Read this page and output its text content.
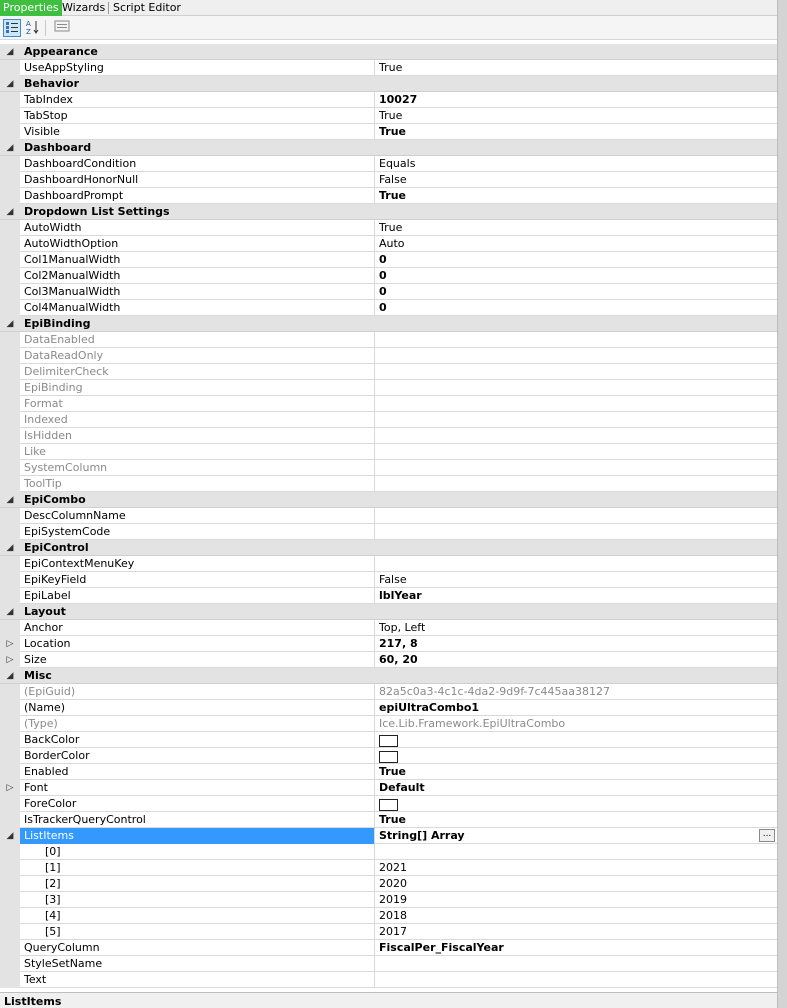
Properties Wizards Script Editor
A
Z
◢ Appearance
UseAppStyling	True
◢ Behavior
TabIndex	10027
TabStop	True
Visible	True
◢ Dashboard
DashboardCondition	Equals
DashboardHonorNull	False
DashboardPrompt	True
◢ Dropdown List Settings
AutoWidth	True
AutoWidthOption	Auto
Col1ManualWidth	0
Col2ManualWidth	0
Col3ManualWidth	0
Col4ManualWidth	0
◢ EpiBinding
DataEnabled
DataReadOnly
DelimiterCheck
EpiBinding
Format
Indexed
IsHidden
Like
SystemColumn
ToolTip
◢ EpiCombo
DescColumnName
EpiSystemCode
◢ EpiControl
EpiContextMenuKey
EpiKeyField	False
EpiLabel	lblYear
◢ Layout
Anchor	Top, Left
▷ Location	217, 8
▷ Size	60, 20
◢ Misc
(EpiGuid)	82a5c0a3-4c1c-4da2-9d9f-7c445aa38127
(Name)	epiUltraCombo1
(Type)	Ice.Lib.Framework.EpiUltraCombo
BackColor
BorderColor
Enabled	True
▷ Font	Default
ForeColor
IsTrackerQueryControl	True
◢ ListItems	String[] Array	...
[0]
[1]	2021
[2]	2020
[3]	2019
[4]	2018
[5]	2017
QueryColumn	FiscalPer_FiscalYear
StyleSetName
Text
ListItems
